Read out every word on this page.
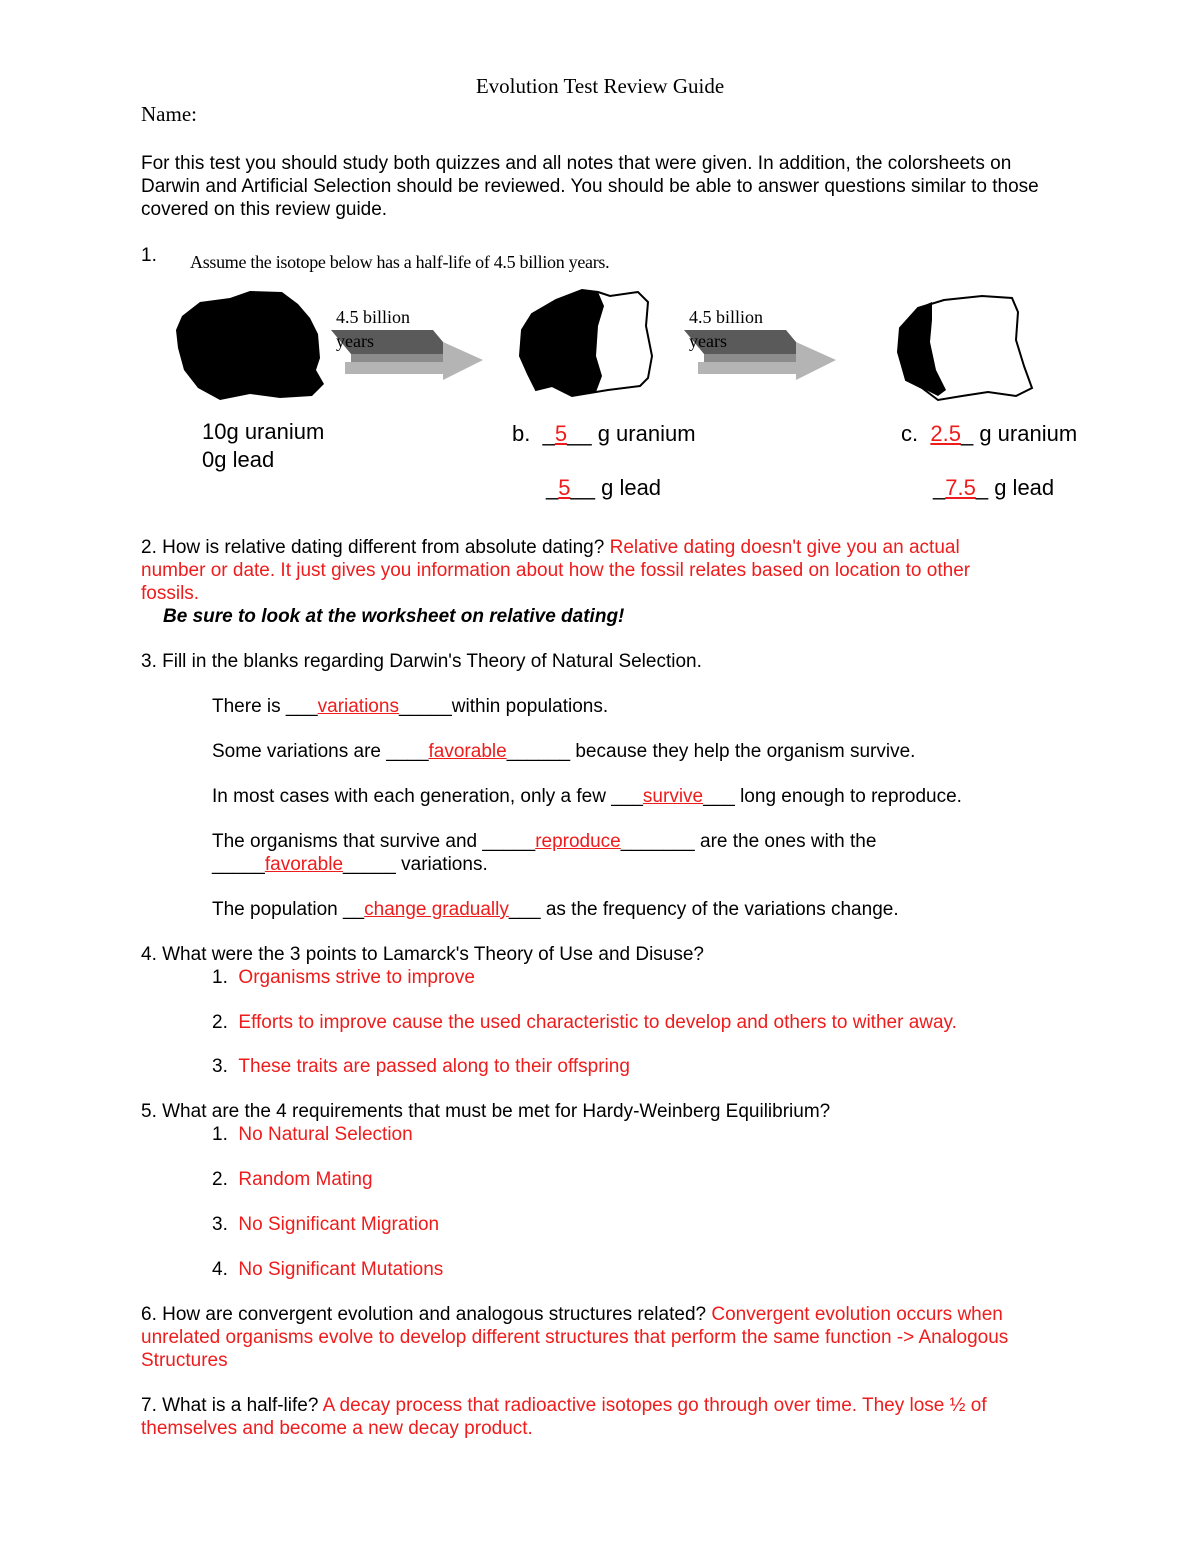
Evolution Test Review Guide
Name:
For this test you should study both quizzes and all notes that were given. In addition, the colorsheets on Darwin and Artificial Selection should be reviewed. You should be able to answer questions similar to those covered on this review guide.
1. Assume the isotope below has a half-life of 4.5 billion years.
4.5 billion
years
4.5 billion
years
10g uranium
0g lead
b. _5__ g uranium
_5__ g lead
c. 2.5_ g uranium
_7.5_ g lead
2. How is relative dating different from absolute dating? Relative dating doesn't give you an actual
number or date. It just gives you information about how the fossil relates based on location to other
fossils.
Be sure to look at the worksheet on relative dating!
3. Fill in the blanks regarding Darwin's Theory of Natural Selection.
There is ___variations_____within populations.
Some variations are ____favorable______ because they help the organism survive.
In most cases with each generation, only a few ___survive___ long enough to reproduce.
The organisms that survive and _____reproduce_______ are the ones with the
_____favorable_____ variations.
The population __change gradually___ as the frequency of the variations change.
4. What were the 3 points to Lamarck's Theory of Use and Disuse?
1. Organisms strive to improve
2. Efforts to improve cause the used characteristic to develop and others to wither away.
3. These traits are passed along to their offspring
5. What are the 4 requirements that must be met for Hardy-Weinberg Equilibrium?
1. No Natural Selection
2. Random Mating
3. No Significant Migration
4. No Significant Mutations
6. How are convergent evolution and analogous structures related? Convergent evolution occurs when
unrelated organisms evolve to develop different structures that perform the same function -> Analogous
Structures
7. What is a half-life? A decay process that radioactive isotopes go through over time. They lose ½ of
themselves and become a new decay product.
